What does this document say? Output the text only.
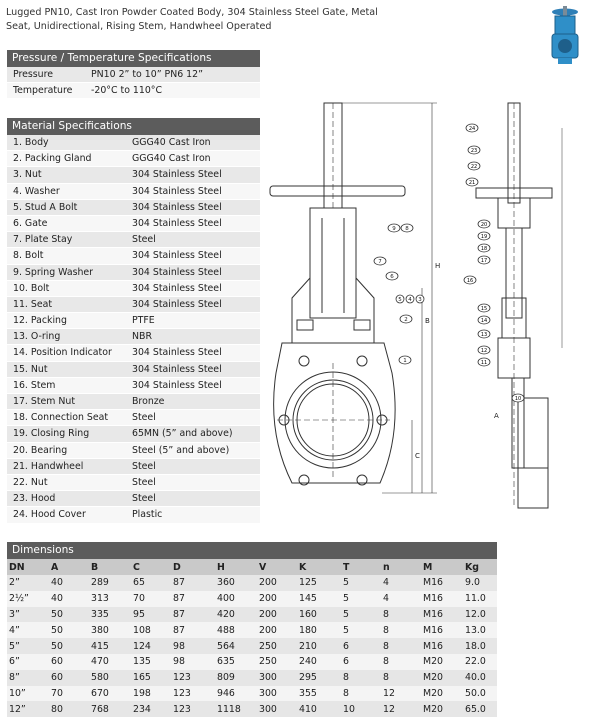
Lugged PN10, Cast Iron Powder Coated Body, 304 Stainless Steel Gate, Metal Seat, Unidirectional, Rising Stem, Handwheel Operated
Pressure / Temperature Specifications
Pressure	PN10 2” to 10” PN6 12”
Temperature	-20°C to 110°C
Material Specifications
1. Body	GGG40 Cast Iron
2. Packing Gland	GGG40 Cast Iron
3. Nut	304 Stainless Steel
4. Washer	304 Stainless Steel
5. Stud A Bolt	304 Stainless Steel
6. Gate	304 Stainless Steel
7. Plate Stay	Steel
8. Bolt	304 Stainless Steel
9. Spring Washer	304 Stainless Steel
10. Bolt	304 Stainless Steel
11. Seat	304 Stainless Steel
12. Packing	PTFE
13. O-ring	NBR
14. Position Indicator	304 Stainless Steel
15. Nut	304 Stainless Steel
16. Stem	304 Stainless Steel
17. Stem Nut	Bronze
18. Connection Seat	Steel
19. Closing Ring	65MN (5” and above)
20. Bearing	Steel (5” and above)
21. Handwheel	Steel
22. Nut	Steel
23. Hood	Steel
24. Hood Cover	Plastic
9 8
7
6
5 4 3
2
1
H
B
C
A
24
23
22
21
20
19
18
17
16
15
14
13
12
11
10
Dimensions
DN	A	B	C	D	H	V	K	T	n	M	Kg
2”	40	289	65	87	360	200	125	5	4	M16	9.0
2½”	40	313	70	87	400	200	145	5	4	M16	11.0
3”	50	335	95	87	420	200	160	5	8	M16	12.0
4”	50	380	108	87	488	200	180	5	8	M16	13.0
5”	50	415	124	98	564	250	210	6	8	M16	18.0
6”	60	470	135	98	635	250	240	6	8	M20	22.0
8”	60	580	165	123	809	300	295	8	8	M20	40.0
10”	70	670	198	123	946	300	355	8	12	M20	50.0
12”	80	768	234	123	1118	300	410	10	12	M20	65.0
